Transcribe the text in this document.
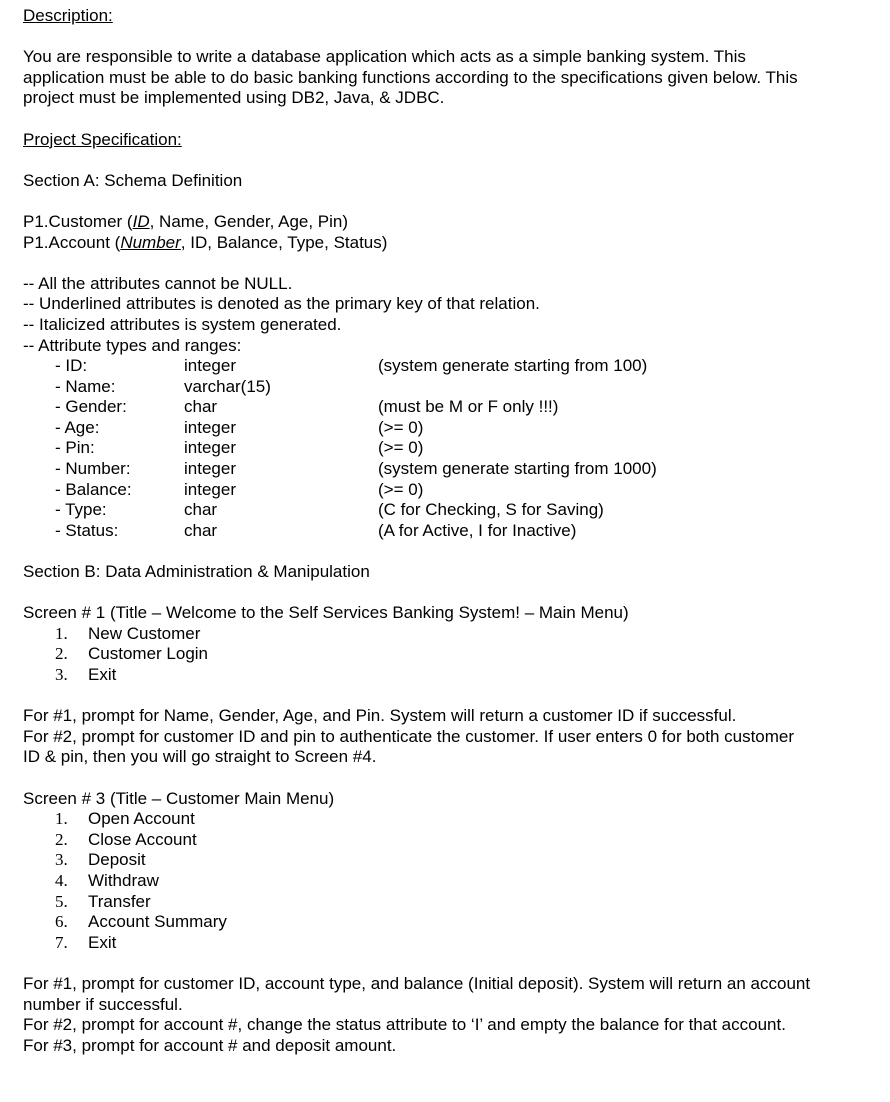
Description:
You are responsible to write a database application which acts as a simple banking system. This
application must be able to do basic banking functions according to the specifications given below. This
project must be implemented using DB2, Java, & JDBC.
Project Specification:
Section A: Schema Definition
P1.Customer (ID, Name, Gender, Age, Pin)
P1.Account (Number, ID, Balance, Type, Status)
-- All the attributes cannot be NULL.
-- Underlined attributes is denoted as the primary key of that relation.
-- Italicized attributes is system generated.
-- Attribute types and ranges:
- ID:	integer	(system generate starting from 100)
- Name:	varchar(15)
- Gender:	char	(must be M or F only !!!)
- Age:	integer	(>= 0)
- Pin:	integer	(>= 0)
- Number:	integer	(system generate starting from 1000)
- Balance:	integer	(>= 0)
- Type:	char	(C for Checking, S for Saving)
- Status:	char	(A for Active, I for Inactive)
Section B: Data Administration & Manipulation
Screen # 1 (Title – Welcome to the Self Services Banking System! – Main Menu)
1. New Customer
2. Customer Login
3. Exit
For #1, prompt for Name, Gender, Age, and Pin. System will return a customer ID if successful.
For #2, prompt for customer ID and pin to authenticate the customer. If user enters 0 for both customer
ID & pin, then you will go straight to Screen #4.
Screen # 3 (Title – Customer Main Menu)
1. Open Account
2. Close Account
3. Deposit
4. Withdraw
5. Transfer
6. Account Summary
7. Exit
For #1, prompt for customer ID, account type, and balance (Initial deposit). System will return an account
number if successful.
For #2, prompt for account #, change the status attribute to ‘I’ and empty the balance for that account.
For #3, prompt for account # and deposit amount.
